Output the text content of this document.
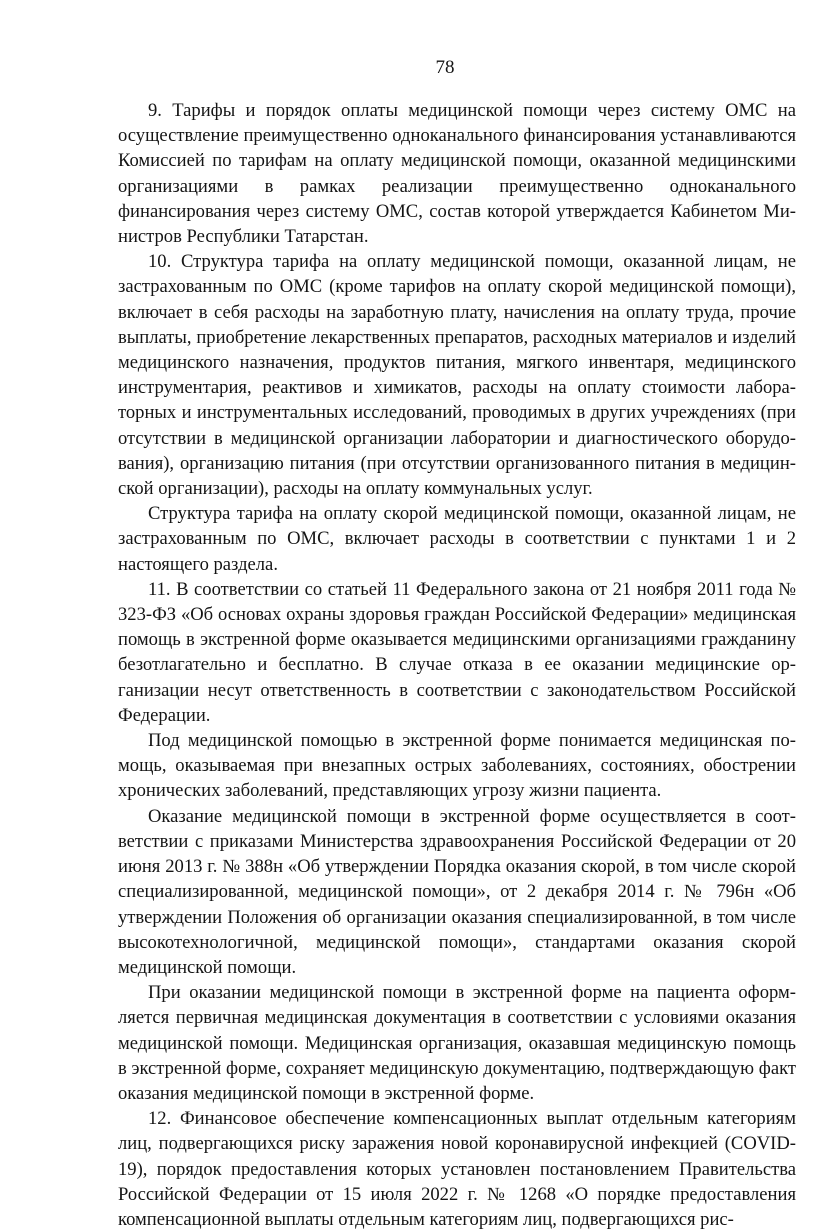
78

9. Тарифы и порядок оплаты медицинской помощи через систему ОМС на осуществление преимущественно одноканального финансирования устанавливаются Комиссией по тарифам на оплату медицинской помощи, оказанной медицинскими организациями в рамках реализации преимущественно одноканального финансирования через систему ОМС, состав которой утверждается Кабинетом Министров Республики Татарстан.

10. Структура тарифа на оплату медицинской помощи, оказанной лицам, не застрахованным по ОМС (кроме тарифов на оплату скорой медицинской помощи), включает в себя расходы на заработную плату, начисления на оплату труда, прочие выплаты, приобретение лекарственных препаратов, расходных материалов и изделий медицинского назначения, продуктов питания, мягкого инвентаря, медицинского инструментария, реактивов и химикатов, расходы на оплату стоимости лабораторных и инструментальных исследований, проводимых в других учреждениях (при отсутствии в медицинской организации лаборатории и диагностического оборудования), организацию питания (при отсутствии организованного питания в медицинской организации), расходы на оплату коммунальных услуг.

Структура тарифа на оплату скорой медицинской помощи, оказанной лицам, не застрахованным по ОМС, включает расходы в соответствии с пунктами 1 и 2 настоящего раздела.

11. В соответствии со статьей 11 Федерального закона от 21 ноября 2011 года № 323-ФЗ «Об основах охраны здоровья граждан Российской Федерации» медицинская помощь в экстренной форме оказывается медицинскими организациями гражданину безотлагательно и бесплатно. В случае отказа в ее оказании медицинские организации несут ответственность в соответствии с законодательством Российской Федерации.

Под медицинской помощью в экстренной форме понимается медицинская помощь, оказываемая при внезапных острых заболеваниях, состояниях, обострении хронических заболеваний, представляющих угрозу жизни пациента.

Оказание медицинской помощи в экстренной форме осуществляется в соответствии с приказами Министерства здравоохранения Российской Федерации от 20 июня 2013 г. № 388н «Об утверждении Порядка оказания скорой, в том числе скорой специализированной, медицинской помощи», от 2 декабря 2014 г. № 796н «Об утверждении Положения об организации оказания специализированной, в том числе высокотехнологичной, медицинской помощи», стандартами оказания скорой медицинской помощи.

При оказании медицинской помощи в экстренной форме на пациента оформляется первичная медицинская документация в соответствии с условиями оказания медицинской помощи. Медицинская организация, оказавшая медицинскую помощь в экстренной форме, сохраняет медицинскую документацию, подтверждающую факт оказания медицинской помощи в экстренной форме.

12. Финансовое обеспечение компенсационных выплат отдельным категориям лиц, подвергающихся риску заражения новой коронавирусной инфекцией (COVID-19), порядок предоставления которых установлен постановлением Правительства Российской Федерации от 15 июля 2022 г. № 1268 «О порядке предоставления компенсационной выплаты отдельным категориям лиц, подвергающихся рис-
